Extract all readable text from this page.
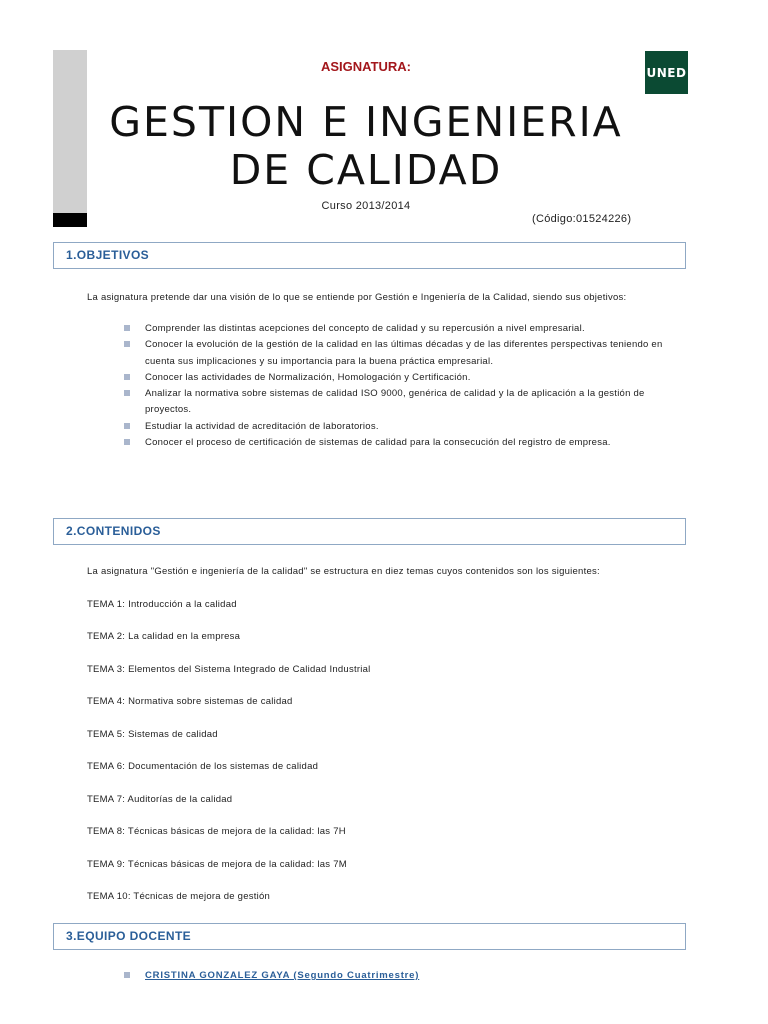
UNED
ASIGNATURA:
GESTION E INGENIERIA
DE CALIDAD
Curso 2013/2014
(Código:01524226)
1.OBJETIVOS
La asignatura pretende dar una visión de lo que se entiende por Gestión e Ingeniería de la Calidad, siendo sus objetivos:
Comprender las distintas acepciones del concepto de calidad y su repercusión a nivel empresarial.
Conocer la evolución de la gestión de la calidad en las últimas décadas y de las diferentes perspectivas teniendo en cuenta sus implicaciones y su importancia para la buena práctica empresarial.
Conocer las actividades de Normalización, Homologación y Certificación.
Analizar la normativa sobre sistemas de calidad ISO 9000, genérica de calidad y la de aplicación a la gestión de proyectos.
Estudiar la actividad de acreditación de laboratorios.
Conocer el proceso de certificación de sistemas de calidad para la consecución del registro de empresa.
2.CONTENIDOS
La asignatura "Gestión e ingeniería de la calidad" se estructura en diez temas cuyos contenidos son los siguientes:
TEMA 1: Introducción a la calidad
TEMA 2: La calidad en la empresa
TEMA 3: Elementos del Sistema Integrado de Calidad Industrial
TEMA 4: Normativa sobre sistemas de calidad
TEMA 5: Sistemas de calidad
TEMA 6: Documentación de los sistemas de calidad
TEMA 7: Auditorías de la calidad
TEMA 8: Técnicas básicas de mejora de la calidad: las 7H
TEMA 9: Técnicas básicas de mejora de la calidad: las 7M
TEMA 10: Técnicas de mejora de gestión
3.EQUIPO DOCENTE
CRISTINA GONZALEZ GAYA (Segundo Cuatrimestre)
